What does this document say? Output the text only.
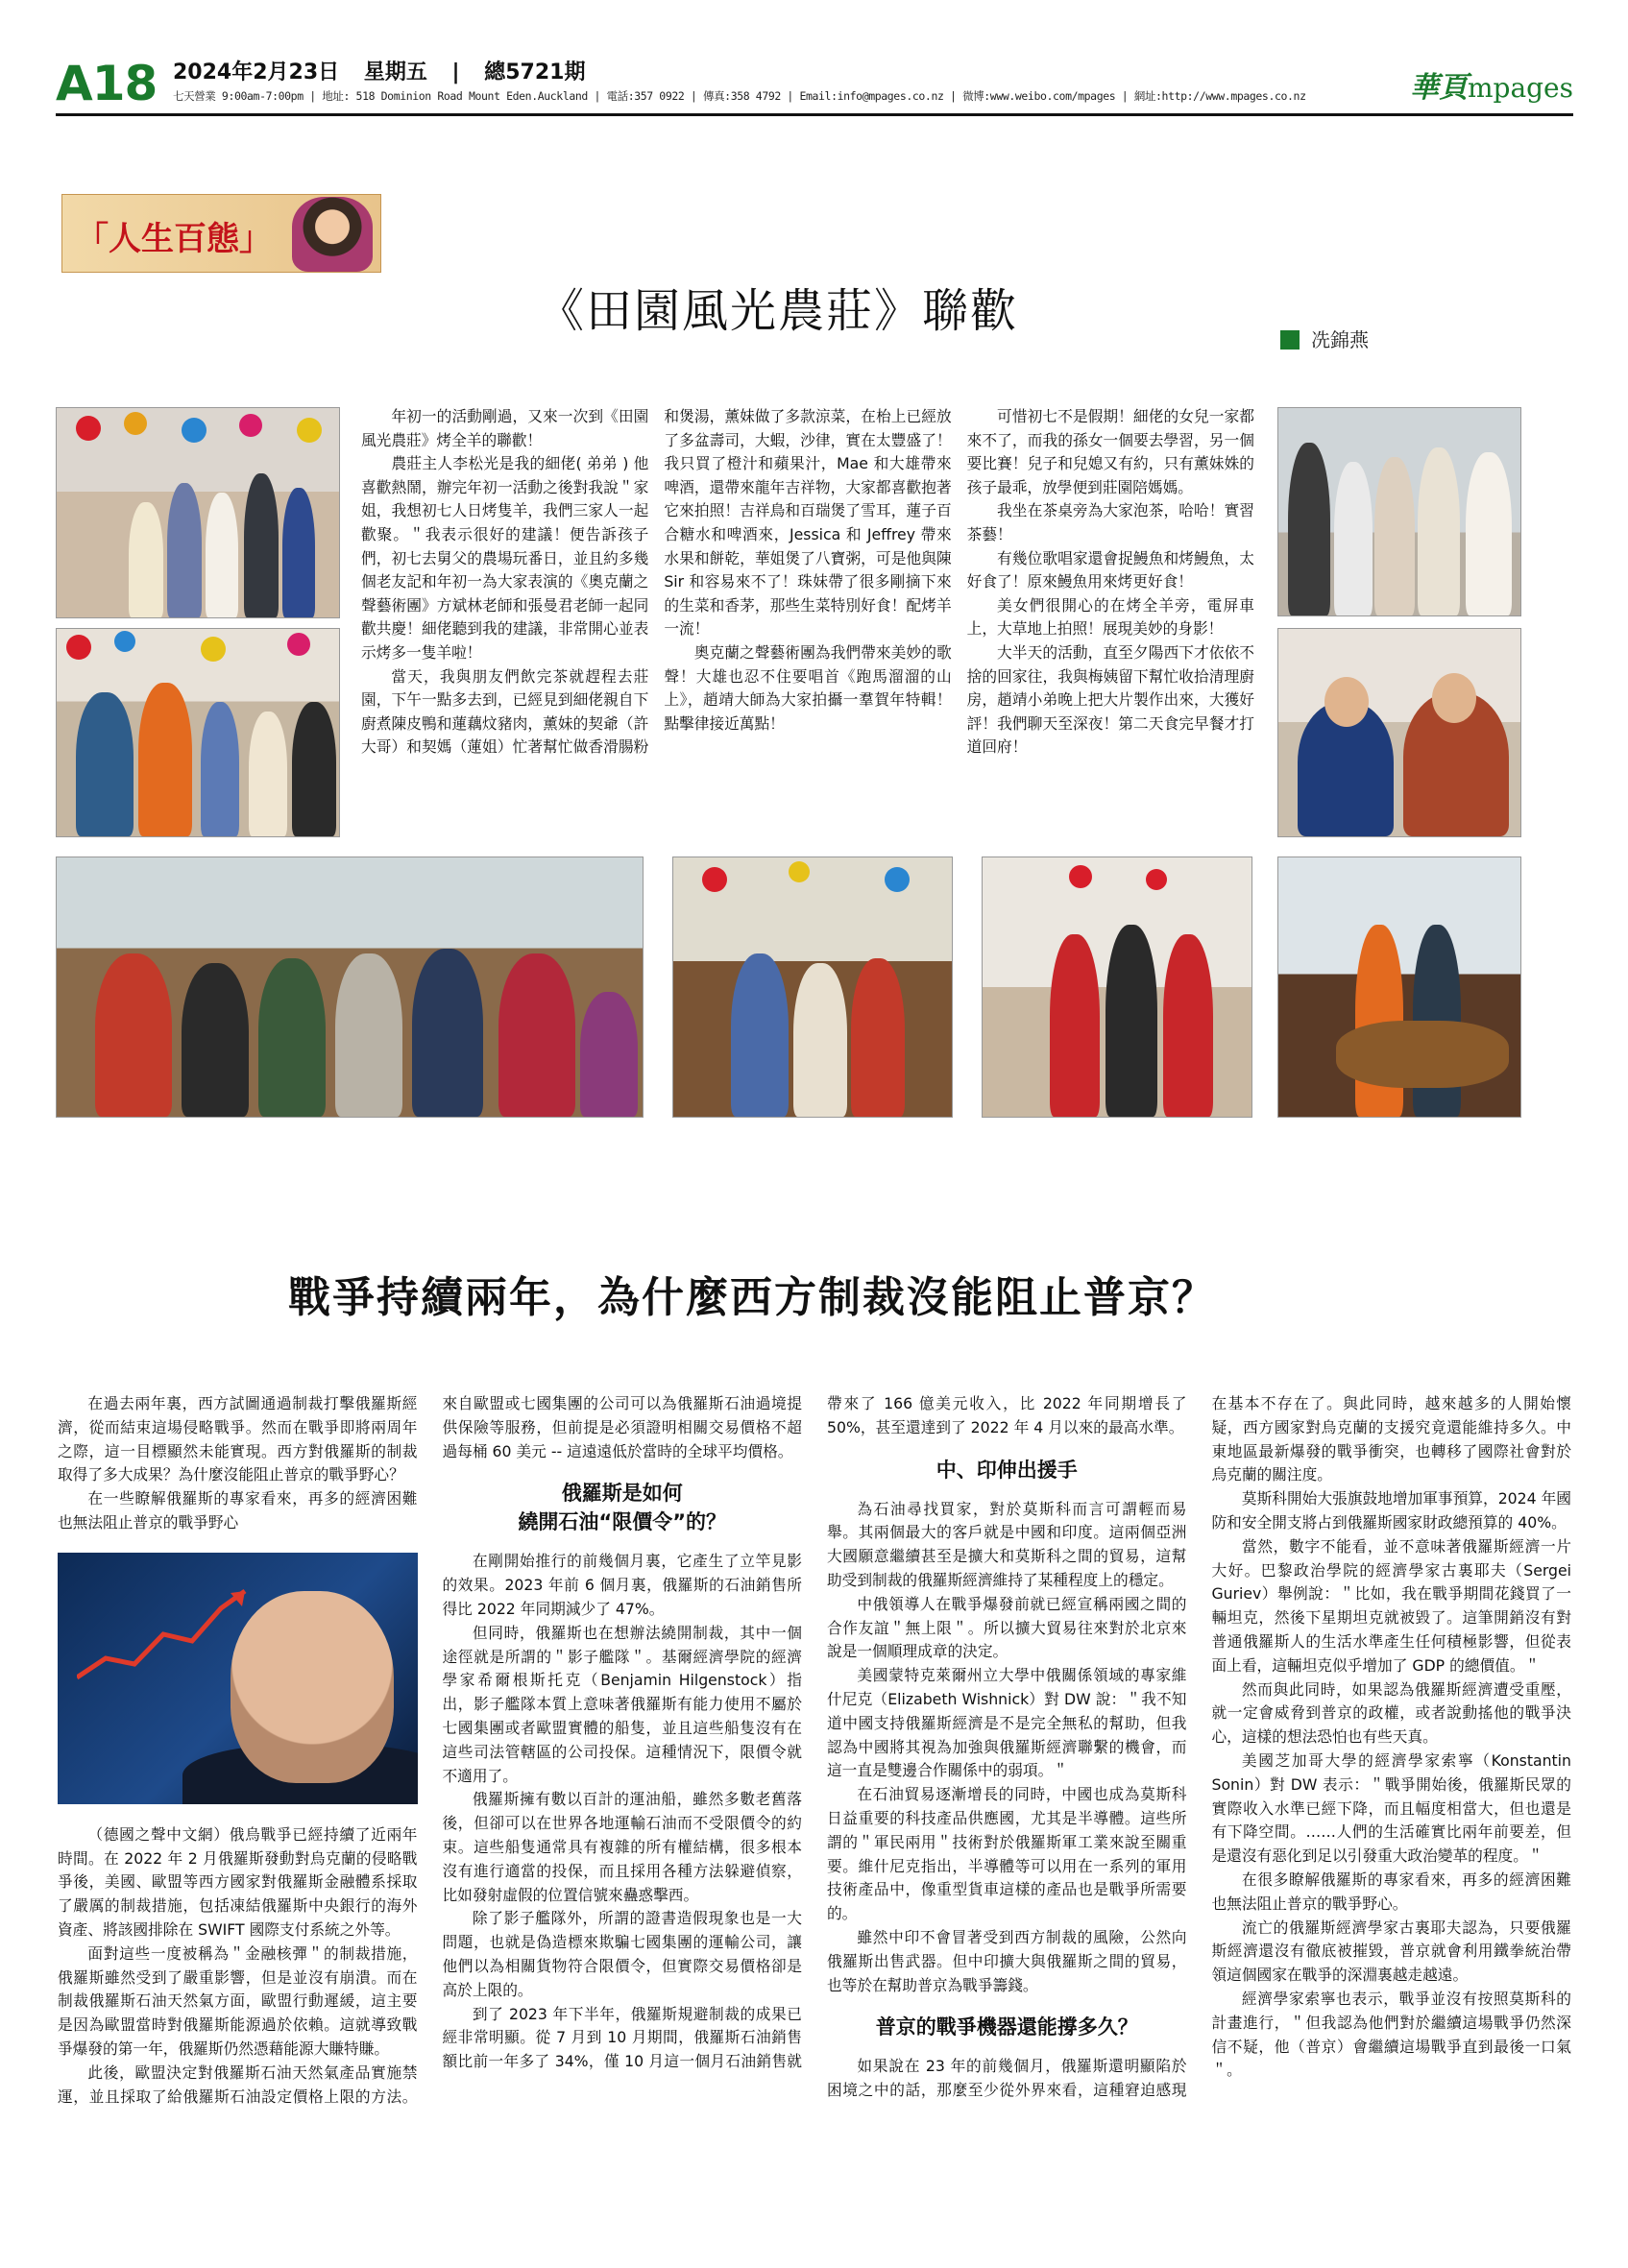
A18 2024年2月23日 星期五 | 總5721期
七天營業 9:00am-7:00pm | 地址: 518 Dominion Road Mount Eden.Auckland | 電話:357 0922 | 傳真:358 4792 | Email:info@mpages.co.nz | 微博:www.weibo.com/mpages | 網址:http://www.mpages.co.nz	華頁mpages
「人生百態」
《田園風光農莊》聯歡
冼錦燕

年初一的活動剛過，又來一次到《田園風光農莊》烤全羊的聯歡！

農莊主人李松光是我的細佬( 弟弟 ) 他喜歡熱鬧，辦完年初一活動之後對我說＂家姐，我想初七人日烤隻羊，我們三家人一起歡聚。＂我表示很好的建議！便告訴孩子們，初七去舅父的農場玩番日，並且約多幾個老友記和年初一為大家表演的《奧克蘭之聲藝術團》方斌林老師和張曼君老師一起同歡共慶！細佬聽到我的建議，非常開心並表示烤多一隻羊啦！

當天，我與朋友們飲完茶就趕程去莊園，下午一點多去到，已經見到細佬親自下廚煮陳皮鴨和蓮藕炆豬肉，薰妹的契爺（許大哥）和契媽（蓮姐）忙著幫忙做香滑腸粉和煲湯，薰妹做了多款涼菜，在枱上已經放了多盆壽司，大蝦，沙律，實在太豐盛了！我只買了橙汁和蘋果汁，Mae 和大雄帶來啤酒，還帶來龍年吉祥物，大家都喜歡抱著它來拍照！吉祥鳥和百瑞煲了雪耳，蓮子百合糖水和啤酒來，Jessica 和 Jeffrey 帶來水果和餅乾，華姐煲了八寶粥，可是他與陳 Sir 和容易來不了！珠妹帶了很多剛摘下來的生菜和香茅，那些生菜特別好食！配烤羊一流！

奧克蘭之聲藝術團為我們帶來美妙的歌聲！大雄也忍不住要唱首《跑馬溜溜的山上》，趙靖大師為大家拍攝一羣賀年特輯！點擊律接近萬點！

可惜初七不是假期！細佬的女兒一家都來不了，而我的孫女一個要去學習，另一個要比賽！兒子和兒媳又有約，只有薰妹姝的孩子最乖，放學便到莊園陪媽媽。

我坐在茶桌旁為大家泡茶，哈哈！實習茶藝！

有幾位歌唱家還會捉鰻魚和烤鰻魚，太好食了！原來鰻魚用來烤更好食！

美女們很開心的在烤全羊旁，電屏車上，大草地上拍照！展現美妙的身影！

大半天的活動，直至夕陽西下才依依不捨的回家往，我與梅姨留下幫忙收拾清理廚房，趙靖小弟晚上把大片製作出來，大獲好評！我們聊天至深夜！第二天食完早餐才打道回府！

戰爭持續兩年，為什麼西方制裁沒能阻止普京？

在過去兩年裏，西方試圖通過制裁打擊俄羅斯經濟，從而結束這場侵略戰爭。然而在戰爭即將兩周年之際，這一目標顯然未能實現。西方對俄羅斯的制裁取得了多大成果？為什麼沒能阻止普京的戰爭野心？

在一些瞭解俄羅斯的專家看來，再多的經濟困難也無法阻止普京的戰爭野心

（德國之聲中文網）俄烏戰爭已經持續了近兩年時間。在 2022 年 2 月俄羅斯發動對烏克蘭的侵略戰爭後，美國、歐盟等西方國家對俄羅斯金融體系採取了嚴厲的制裁措施，包括凍結俄羅斯中央銀行的海外資產、將該國排除在 SWIFT 國際支付系統之外等。

面對這些一度被稱為＂金融核彈＂的制裁措施，俄羅斯雖然受到了嚴重影響，但是並沒有崩潰。而在制裁俄羅斯石油天然氣方面，歐盟行動遲緩，這主要是因為歐盟當時對俄羅斯能源過於依賴。這就導致戰爭爆發的第一年，俄羅斯仍然憑藉能源大賺特賺。

此後，歐盟決定對俄羅斯石油天然氣產品實施禁運，並且採取了給俄羅斯石油設定價格上限的方法。來自歐盟或七國集團的公司可以為俄羅斯石油過境提供保險等服務，但前提是必須證明相關交易價格不超過每桶 60 美元 -- 這遠遠低於當時的全球平均價格。

俄羅斯是如何
繞開石油“限價令”的？

在剛開始推行的前幾個月裏，它產生了立竿見影的效果。2023 年前 6 個月裏，俄羅斯的石油銷售所得比 2022 年同期減少了 47%。

但同時，俄羅斯也在想辦法繞開制裁，其中一個途徑就是所謂的＂影子艦隊＂。基爾經濟學院的經濟學家希爾根斯托克（Benjamin Hilgenstock）指出，影子艦隊本質上意味著俄羅斯有能力使用不屬於七國集團或者歐盟實體的船隻，並且這些船隻沒有在這些司法管轄區的公司投保。這種情況下，限價令就不適用了。

俄羅斯擁有數以百計的運油船，雖然多數老舊落後，但卻可以在世界各地運輸石油而不受限價令的約束。這些船隻通常具有複雜的所有權結構，很多根本沒有進行適當的投保，而且採用各種方法躲避偵察，比如發射虛假的位置信號來蠱惑擊西。

除了影子艦隊外，所謂的證書造假現象也是一大問題，也就是偽造標來欺騙七國集團的運輸公司，讓他們以為相關貨物符合限價令，但實際交易價格卻是高於上限的。

到了 2023 年下半年，俄羅斯規避制裁的成果已經非常明顯。從 7 月到 10 月期間，俄羅斯石油銷售額比前一年多了 34%，僅 10 月這一個月石油銷售就帶來了 166 億美元收入，比 2022 年同期增長了 50%，甚至還達到了 2022 年 4 月以來的最高水準。

中、印伸出援手

為石油尋找買家，對於莫斯科而言可謂輕而易舉。其兩個最大的客戶就是中國和印度。這兩個亞洲大國願意繼續甚至是擴大和莫斯科之間的貿易，這幫助受到制裁的俄羅斯經濟維持了某種程度上的穩定。

中俄領導人在戰爭爆發前就已經宣稱兩國之間的合作友誼＂無上限＂。所以擴大貿易往來對於北京來說是一個順理成章的決定。

美國蒙特克萊爾州立大學中俄關係領域的專家維什尼克（Elizabeth Wishnick）對 DW 說：＂我不知道中國支持俄羅斯經濟是不是完全無私的幫助，但我認為中國將其視為加強與俄羅斯經濟聯繫的機會，而這一直是雙邊合作關係中的弱項。＂

在石油貿易逐漸增長的同時，中國也成為莫斯科日益重要的科技產品供應國，尤其是半導體。這些所謂的＂軍民兩用＂技術對於俄羅斯軍工業來說至關重要。維什尼克指出，半導體等可以用在一系列的軍用技術產品中，像重型貨車這樣的產品也是戰爭所需要的。

雖然中印不會冒著受到西方制裁的風險，公然向俄羅斯出售武器。但中印擴大與俄羅斯之間的貿易，也等於在幫助普京為戰爭籌錢。

普京的戰爭機器還能撐多久？

如果說在 23 年的前幾個月，俄羅斯還明顯陷於困境之中的話，那麼至少從外界來看，這種窘迫感現在基本不存在了。與此同時，越來越多的人開始懷疑，西方國家對烏克蘭的支援究竟還能維持多久。中東地區最新爆發的戰爭衝突，也轉移了國際社會對於烏克蘭的關注度。

莫斯科開始大張旗鼓地增加軍事預算，2024 年國防和安全開支將占到俄羅斯國家財政總預算的 40%。

當然，數字不能看，並不意味著俄羅斯經濟一片大好。巴黎政治學院的經濟學家古裏耶夫（Sergei Guriev）舉例說：＂比如，我在戰爭期間花錢買了一輛坦克，然後下星期坦克就被毀了。這筆開銷沒有對普通俄羅斯人的生活水準產生任何積極影響，但從表面上看，這輛坦克似乎增加了 GDP 的總價值。＂

然而與此同時，如果認為俄羅斯經濟遭受重壓，就一定會威脅到普京的政權，或者說動搖他的戰爭決心，這樣的想法恐怕也有些天真。

美國芝加哥大學的經濟學家索寧（Konstantin Sonin）對 DW 表示：＂戰爭開始後，俄羅斯民眾的實際收入水準已經下降，而且幅度相當大，但也還是有下降空間。……人們的生活確實比兩年前要差，但是還沒有惡化到足以引發重大政治變革的程度。＂

在很多瞭解俄羅斯的專家看來，再多的經濟困難也無法阻止普京的戰爭野心。

流亡的俄羅斯經濟學家古裏耶夫認為，只要俄羅斯經濟還沒有徹底被摧毀，普京就會利用鐵拳統治帶領這個國家在戰爭的深淵裏越走越遠。

經濟學家索寧也表示，戰爭並沒有按照莫斯科的計畫進行，＂但我認為他們對於繼續這場戰爭仍然深信不疑，他（普京）會繼續這場戰爭直到最後一口氣＂。
